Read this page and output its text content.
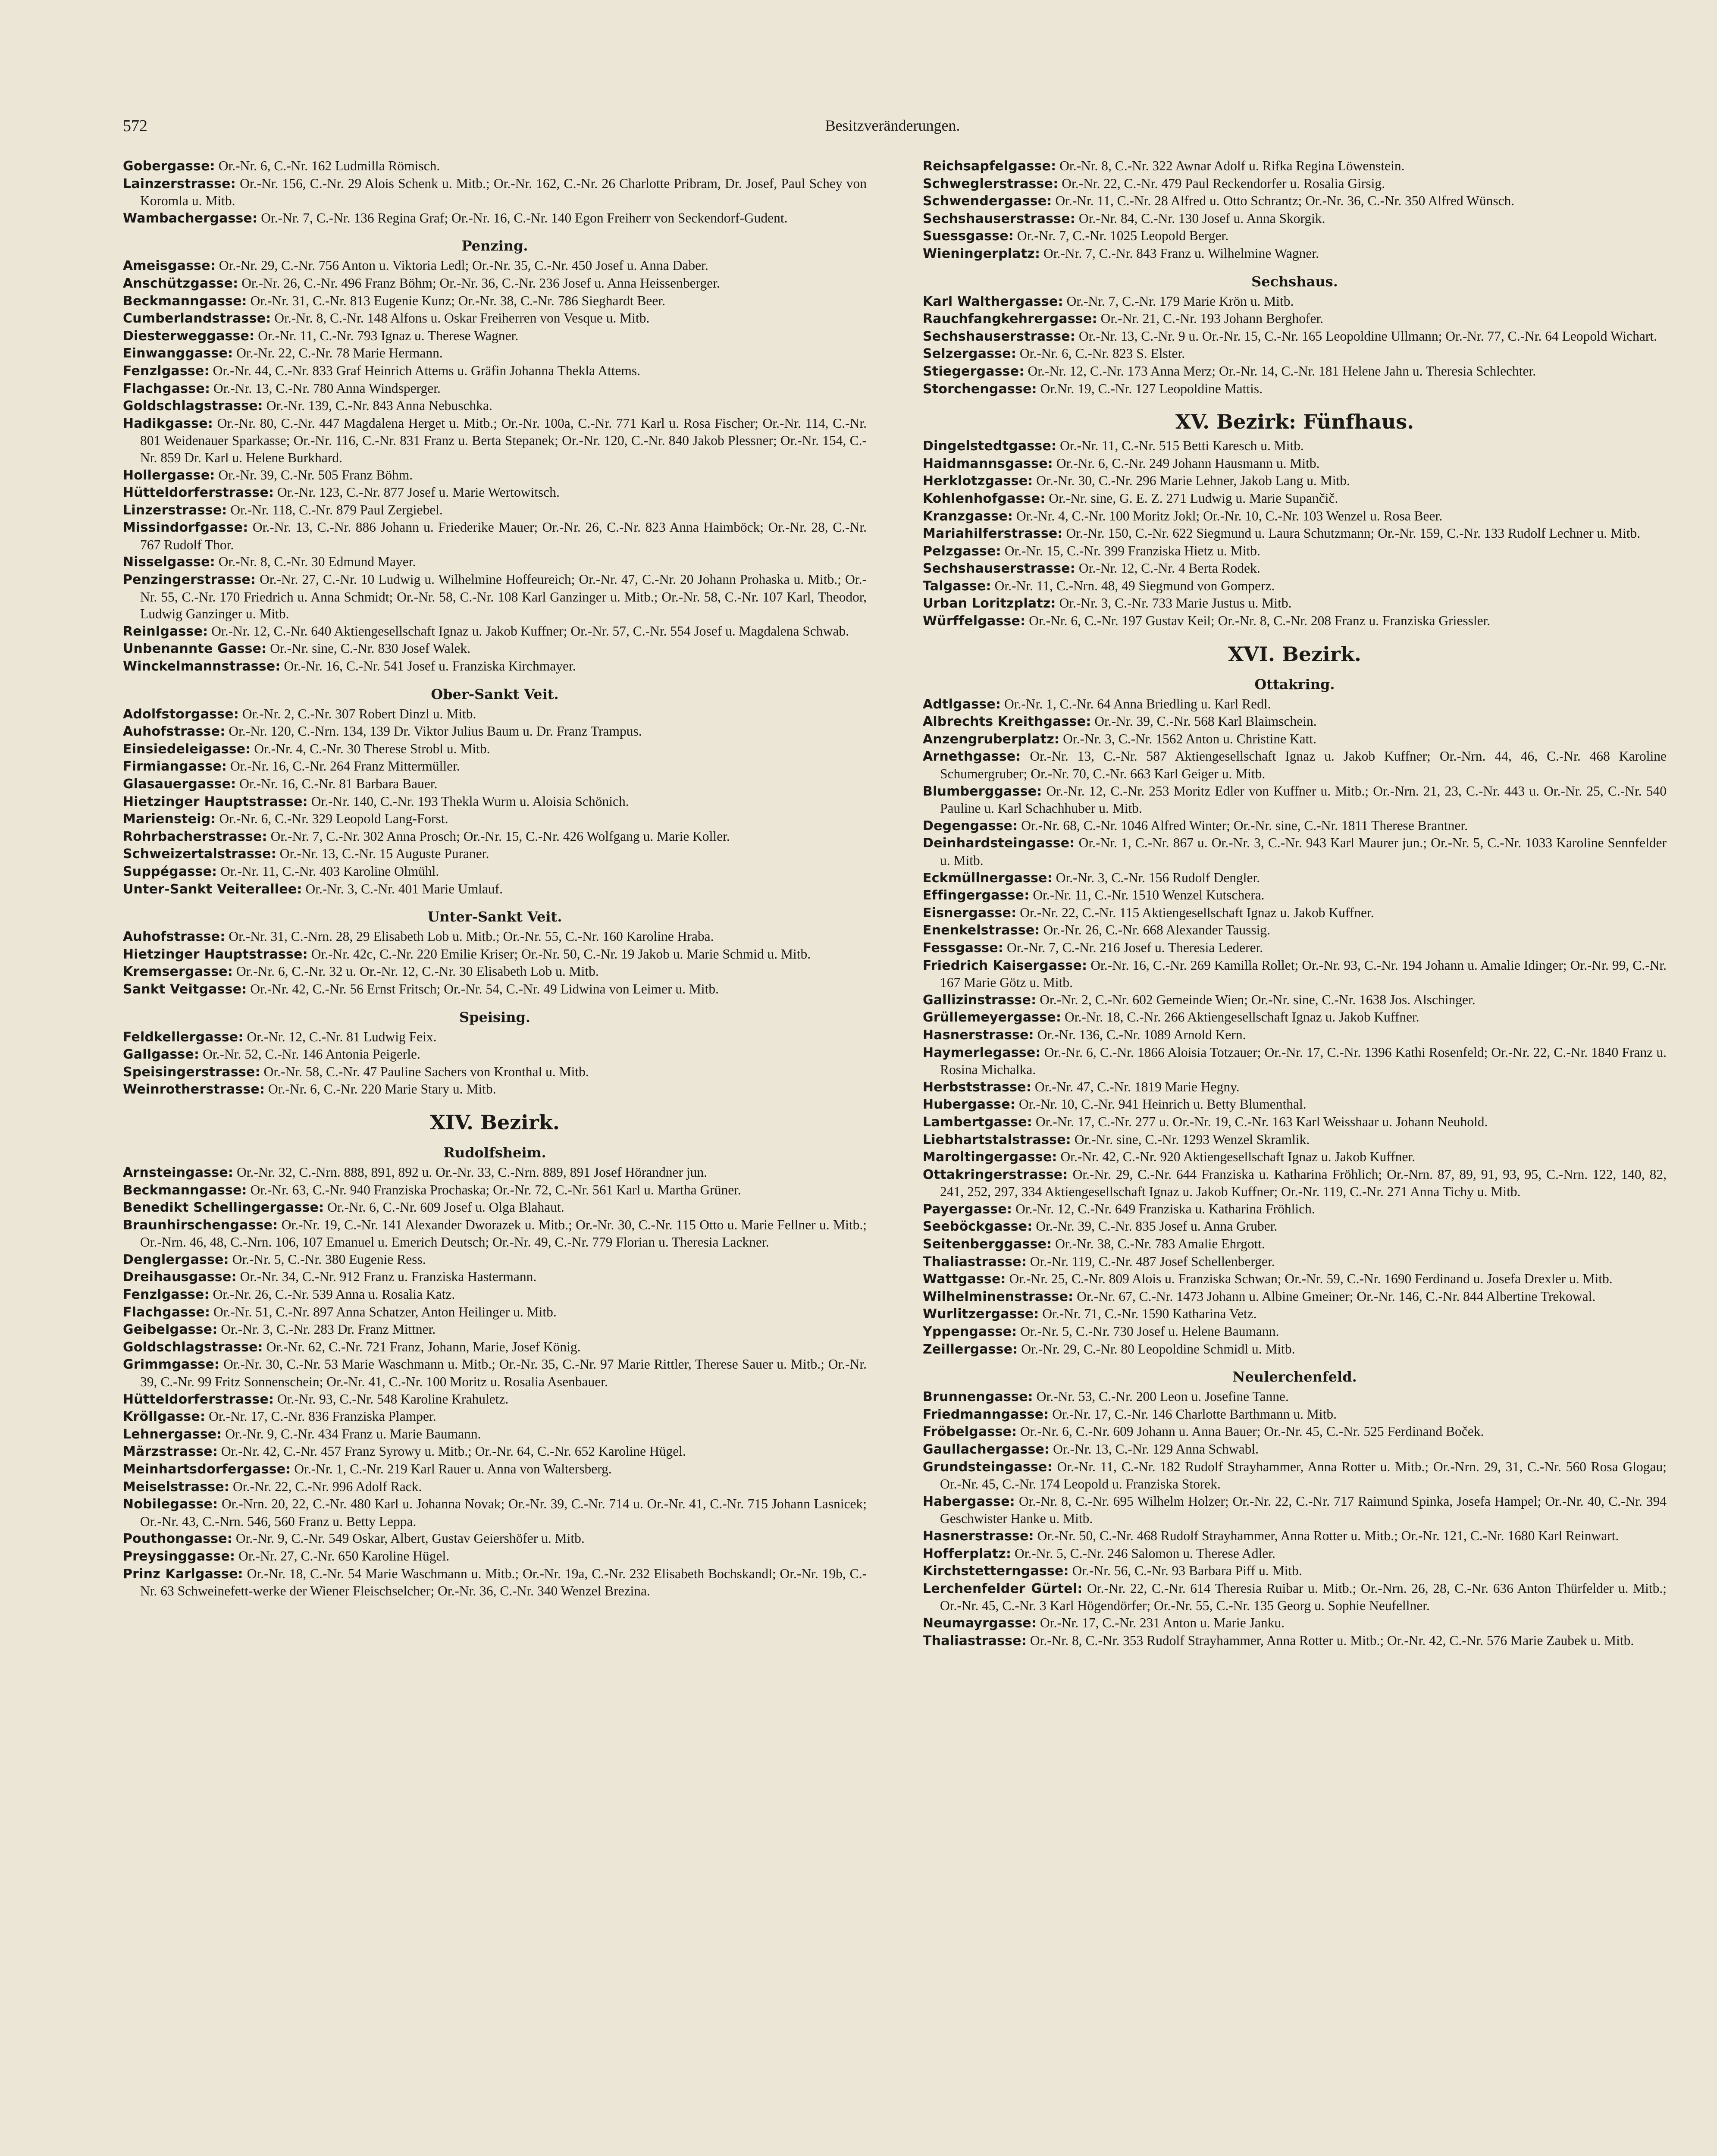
572	Besitzveränderungen.

Gobergasse: Or.-Nr. 6, C.-Nr. 162 Ludmilla Römisch.

Lainzerstrasse: Or.-Nr. 156, C.-Nr. 29 Alois Schenk u. Mitb.; Or.-Nr. 162, C.-Nr. 26 Charlotte Pribram, Dr. Josef, Paul Schey von Koromla u. Mitb.

Wambachergasse: Or.-Nr. 7, C.-Nr. 136 Regina Graf; Or.-Nr. 16, C.-Nr. 140 Egon Freiherr von Seckendorf-Gudent.

Penzing.

Ameisgasse: Or.-Nr. 29, C.-Nr. 756 Anton u. Viktoria Ledl; Or.-Nr. 35, C.-Nr. 450 Josef u. Anna Daber.

Anschützgasse: Or.-Nr. 26, C.-Nr. 496 Franz Böhm; Or.-Nr. 36, C.-Nr. 236 Josef u. Anna Heissenberger.

Beckmanngasse: Or.-Nr. 31, C.-Nr. 813 Eugenie Kunz; Or.-Nr. 38, C.-Nr. 786 Sieghardt Beer.

Cumberlandstrasse: Or.-Nr. 8, C.-Nr. 148 Alfons u. Oskar Freiherren von Vesque u. Mitb.

Diesterweggasse: Or.-Nr. 11, C.-Nr. 793 Ignaz u. Therese Wagner.

Einwanggasse: Or.-Nr. 22, C.-Nr. 78 Marie Hermann.

Fenzlgasse: Or.-Nr. 44, C.-Nr. 833 Graf Heinrich Attems u. Gräfin Johanna Thekla Attems.

Flachgasse: Or.-Nr. 13, C.-Nr. 780 Anna Windsperger.

Goldschlagstrasse: Or.-Nr. 139, C.-Nr. 843 Anna Nebuschka.

Hadikgasse: Or.-Nr. 80, C.-Nr. 447 Magdalena Herget u. Mitb.; Or.-Nr. 100a, C.-Nr. 771 Karl u. Rosa Fischer; Or.-Nr. 114, C.-Nr. 801 Weidenauer Sparkasse; Or.-Nr. 116, C.-Nr. 831 Franz u. Berta Stepanek; Or.-Nr. 120, C.-Nr. 840 Jakob Plessner; Or.-Nr. 154, C.-Nr. 859 Dr. Karl u. Helene Burkhard.

Hollergasse: Or.-Nr. 39, C.-Nr. 505 Franz Böhm.

Hütteldorferstrasse: Or.-Nr. 123, C.-Nr. 877 Josef u. Marie Wertowitsch.

Linzerstrasse: Or.-Nr. 118, C.-Nr. 879 Paul Zergiebel.

Missindorfgasse: Or.-Nr. 13, C.-Nr. 886 Johann u. Friederike Mauer; Or.-Nr. 26, C.-Nr. 823 Anna Haimböck; Or.-Nr. 28, C.-Nr. 767 Rudolf Thor.

Nisselgasse: Or.-Nr. 8, C.-Nr. 30 Edmund Mayer.

Penzingerstrasse: Or.-Nr. 27, C.-Nr. 10 Ludwig u. Wilhelmine Hoffeureich; Or.-Nr. 47, C.-Nr. 20 Johann Prohaska u. Mitb.; Or.-Nr. 55, C.-Nr. 170 Friedrich u. Anna Schmidt; Or.-Nr. 58, C.-Nr. 108 Karl Ganzinger u. Mitb.; Or.-Nr. 58, C.-Nr. 107 Karl, Theodor, Ludwig Ganzinger u. Mitb.

Reinlgasse: Or.-Nr. 12, C.-Nr. 640 Aktiengesellschaft Ignaz u. Jakob Kuffner; Or.-Nr. 57, C.-Nr. 554 Josef u. Magdalena Schwab.

Unbenannte Gasse: Or.-Nr. sine, C.-Nr. 830 Josef Walek.

Winckelmannstrasse: Or.-Nr. 16, C.-Nr. 541 Josef u. Franziska Kirchmayer.

Ober-Sankt Veit.

Adolfstorgasse: Or.-Nr. 2, C.-Nr. 307 Robert Dinzl u. Mitb.

Auhofstrasse: Or.-Nr. 120, C.-Nrn. 134, 139 Dr. Viktor Julius Baum u. Dr. Franz Trampus.

Einsiedeleigasse: Or.-Nr. 4, C.-Nr. 30 Therese Strobl u. Mitb.

Firmiangasse: Or.-Nr. 16, C.-Nr. 264 Franz Mittermüller.

Glasauergasse: Or.-Nr. 16, C.-Nr. 81 Barbara Bauer.

Hietzinger Hauptstrasse: Or.-Nr. 140, C.-Nr. 193 Thekla Wurm u. Aloisia Schönich.

Mariensteig: Or.-Nr. 6, C.-Nr. 329 Leopold Lang-Forst.

Rohrbacherstrasse: Or.-Nr. 7, C.-Nr. 302 Anna Prosch; Or.-Nr. 15, C.-Nr. 426 Wolfgang u. Marie Koller.

Schweizertalstrasse: Or.-Nr. 13, C.-Nr. 15 Auguste Puraner.

Suppégasse: Or.-Nr. 11, C.-Nr. 403 Karoline Olmühl.

Unter-Sankt Veiterallee: Or.-Nr. 3, C.-Nr. 401 Marie Umlauf.

Unter-Sankt Veit.

Auhofstrasse: Or.-Nr. 31, C.-Nrn. 28, 29 Elisabeth Lob u. Mitb.; Or.-Nr. 55, C.-Nr. 160 Karoline Hraba.

Hietzinger Hauptstrasse: Or.-Nr. 42c, C.-Nr. 220 Emilie Kriser; Or.-Nr. 50, C.-Nr. 19 Jakob u. Marie Schmid u. Mitb.

Kremsergasse: Or.-Nr. 6, C.-Nr. 32 u. Or.-Nr. 12, C.-Nr. 30 Elisabeth Lob u. Mitb.

Sankt Veitgasse: Or.-Nr. 42, C.-Nr. 56 Ernst Fritsch; Or.-Nr. 54, C.-Nr. 49 Lidwina von Leimer u. Mitb.

Speising.

Feldkellergasse: Or.-Nr. 12, C.-Nr. 81 Ludwig Feix.

Gallgasse: Or.-Nr. 52, C.-Nr. 146 Antonia Peigerle.

Speisingerstrasse: Or.-Nr. 58, C.-Nr. 47 Pauline Sachers von Kronthal u. Mitb.

Weinrotherstrasse: Or.-Nr. 6, C.-Nr. 220 Marie Stary u. Mitb.

XIV. Bezirk.
Rudolfsheim.

Arnsteingasse: Or.-Nr. 32, C.-Nrn. 888, 891, 892 u. Or.-Nr. 33, C.-Nrn. 889, 891 Josef Hörandner jun.

Beckmanngasse: Or.-Nr. 63, C.-Nr. 940 Franziska Prochaska; Or.-Nr. 72, C.-Nr. 561 Karl u. Martha Grüner.

Benedikt Schellingergasse: Or.-Nr. 6, C.-Nr. 609 Josef u. Olga Blahaut.

Braunhirschengasse: Or.-Nr. 19, C.-Nr. 141 Alexander Dworazek u. Mitb.; Or.-Nr. 30, C.-Nr. 115 Otto u. Marie Fellner u. Mitb.; Or.-Nrn. 46, 48, C.-Nrn. 106, 107 Emanuel u. Emerich Deutsch; Or.-Nr. 49, C.-Nr. 779 Florian u. Theresia Lackner.

Denglergasse: Or.-Nr. 5, C.-Nr. 380 Eugenie Ress.

Dreihausgasse: Or.-Nr. 34, C.-Nr. 912 Franz u. Franziska Hastermann.

Fenzlgasse: Or.-Nr. 26, C.-Nr. 539 Anna u. Rosalia Katz.

Flachgasse: Or.-Nr. 51, C.-Nr. 897 Anna Schatzer, Anton Heilinger u. Mitb.

Geibelgasse: Or.-Nr. 3, C.-Nr. 283 Dr. Franz Mittner.

Goldschlagstrasse: Or.-Nr. 62, C.-Nr. 721 Franz, Johann, Marie, Josef König.

Grimmgasse: Or.-Nr. 30, C.-Nr. 53 Marie Waschmann u. Mitb.; Or.-Nr. 35, C.-Nr. 97 Marie Rittler, Therese Sauer u. Mitb.; Or.-Nr. 39, C.-Nr. 99 Fritz Sonnenschein; Or.-Nr. 41, C.-Nr. 100 Moritz u. Rosalia Asenbauer.

Hütteldorferstrasse: Or.-Nr. 93, C.-Nr. 548 Karoline Krahuletz.

Kröllgasse: Or.-Nr. 17, C.-Nr. 836 Franziska Plamper.

Lehnergasse: Or.-Nr. 9, C.-Nr. 434 Franz u. Marie Baumann.

Märzstrasse: Or.-Nr. 42, C.-Nr. 457 Franz Syrowy u. Mitb.; Or.-Nr. 64, C.-Nr. 652 Karoline Hügel.

Meinhartsdorfergasse: Or.-Nr. 1, C.-Nr. 219 Karl Rauer u. Anna von Waltersberg.

Meiselstrasse: Or.-Nr. 22, C.-Nr. 996 Adolf Rack.

Nobilegasse: Or.-Nrn. 20, 22, C.-Nr. 480 Karl u. Johanna Novak; Or.-Nr. 39, C.-Nr. 714 u. Or.-Nr. 41, C.-Nr. 715 Johann Lasnicek; Or.-Nr. 43, C.-Nrn. 546, 560 Franz u. Betty Leppa.

Pouthongasse: Or.-Nr. 9, C.-Nr. 549 Oskar, Albert, Gustav Geiershöfer u. Mitb.

Preysinggasse: Or.-Nr. 27, C.-Nr. 650 Karoline Hügel.

Prinz Karlgasse: Or.-Nr. 18, C.-Nr. 54 Marie Waschmann u. Mitb.; Or.-Nr. 19a, C.-Nr. 232 Elisabeth Bochskandl; Or.-Nr. 19b, C.-Nr. 63 Schweinefett-werke der Wiener Fleischselcher; Or.-Nr. 36, C.-Nr. 340 Wenzel Brezina.

Reichsapfelgasse: Or.-Nr. 8, C.-Nr. 322 Awnar Adolf u. Rifka Regina Löwenstein.

Schweglerstrasse: Or.-Nr. 22, C.-Nr. 479 Paul Reckendorfer u. Rosalia Girsig.

Schwendergasse: Or.-Nr. 11, C.-Nr. 28 Alfred u. Otto Schrantz; Or.-Nr. 36, C.-Nr. 350 Alfred Wünsch.

Sechshauserstrasse: Or.-Nr. 84, C.-Nr. 130 Josef u. Anna Skorgik.

Suessgasse: Or.-Nr. 7, C.-Nr. 1025 Leopold Berger.

Wieningerplatz: Or.-Nr. 7, C.-Nr. 843 Franz u. Wilhelmine Wagner.

Sechshaus.

Karl Walthergasse: Or.-Nr. 7, C.-Nr. 179 Marie Krön u. Mitb.

Rauchfangkehrergasse: Or.-Nr. 21, C.-Nr. 193 Johann Berghofer.

Sechshauserstrasse: Or.-Nr. 13, C.-Nr. 9 u. Or.-Nr. 15, C.-Nr. 165 Leopoldine Ullmann; Or.-Nr. 77, C.-Nr. 64 Leopold Wichart.

Selzergasse: Or.-Nr. 6, C.-Nr. 823 S. Elster.

Stiegergasse: Or.-Nr. 12, C.-Nr. 173 Anna Merz; Or.-Nr. 14, C.-Nr. 181 Helene Jahn u. Theresia Schlechter.

Storchengasse: Or.Nr. 19, C.-Nr. 127 Leopoldine Mattis.

XV. Bezirk: Fünfhaus.

Dingelstedtgasse: Or.-Nr. 11, C.-Nr. 515 Betti Karesch u. Mitb.

Haidmannsgasse: Or.-Nr. 6, C.-Nr. 249 Johann Hausmann u. Mitb.

Herklotzgasse: Or.-Nr. 30, C.-Nr. 296 Marie Lehner, Jakob Lang u. Mitb.

Kohlenhofgasse: Or.-Nr. sine, G. E. Z. 271 Ludwig u. Marie Supančič.

Kranzgasse: Or.-Nr. 4, C.-Nr. 100 Moritz Jokl; Or.-Nr. 10, C.-Nr. 103 Wenzel u. Rosa Beer.

Mariahilferstrasse: Or.-Nr. 150, C.-Nr. 622 Siegmund u. Laura Schutzmann; Or.-Nr. 159, C.-Nr. 133 Rudolf Lechner u. Mitb.

Pelzgasse: Or.-Nr. 15, C.-Nr. 399 Franziska Hietz u. Mitb.

Sechshauserstrasse: Or.-Nr. 12, C.-Nr. 4 Berta Rodek.

Talgasse: Or.-Nr. 11, C.-Nrn. 48, 49 Siegmund von Gomperz.

Urban Loritzplatz: Or.-Nr. 3, C.-Nr. 733 Marie Justus u. Mitb.

Würffelgasse: Or.-Nr. 6, C.-Nr. 197 Gustav Keil; Or.-Nr. 8, C.-Nr. 208 Franz u. Franziska Griessler.

XVI. Bezirk.
Ottakring.

Adtlgasse: Or.-Nr. 1, C.-Nr. 64 Anna Briedling u. Karl Redl.

Albrechts Kreithgasse: Or.-Nr. 39, C.-Nr. 568 Karl Blaimschein.

Anzengruberplatz: Or.-Nr. 3, C.-Nr. 1562 Anton u. Christine Katt.

Arnethgasse: Or.-Nr. 13, C.-Nr. 587 Aktiengesellschaft Ignaz u. Jakob Kuffner; Or.-Nrn. 44, 46, C.-Nr. 468 Karoline Schumergruber; Or.-Nr. 70, C.-Nr. 663 Karl Geiger u. Mitb.

Blumberggasse: Or.-Nr. 12, C.-Nr. 253 Moritz Edler von Kuffner u. Mitb.; Or.-Nrn. 21, 23, C.-Nr. 443 u. Or.-Nr. 25, C.-Nr. 540 Pauline u. Karl Schachhuber u. Mitb.

Degengasse: Or.-Nr. 68, C.-Nr. 1046 Alfred Winter; Or.-Nr. sine, C.-Nr. 1811 Therese Brantner.

Deinhardsteingasse: Or.-Nr. 1, C.-Nr. 867 u. Or.-Nr. 3, C.-Nr. 943 Karl Maurer jun.; Or.-Nr. 5, C.-Nr. 1033 Karoline Sennfelder u. Mitb.

Eckmüllnergasse: Or.-Nr. 3, C.-Nr. 156 Rudolf Dengler.

Effingergasse: Or.-Nr. 11, C.-Nr. 1510 Wenzel Kutschera.

Eisnergasse: Or.-Nr. 22, C.-Nr. 115 Aktiengesellschaft Ignaz u. Jakob Kuffner.

Enenkelstrasse: Or.-Nr. 26, C.-Nr. 668 Alexander Taussig.

Fessgasse: Or.-Nr. 7, C.-Nr. 216 Josef u. Theresia Lederer.

Friedrich Kaisergasse: Or.-Nr. 16, C.-Nr. 269 Kamilla Rollet; Or.-Nr. 93, C.-Nr. 194 Johann u. Amalie Idinger; Or.-Nr. 99, C.-Nr. 167 Marie Götz u. Mitb.

Gallizinstrasse: Or.-Nr. 2, C.-Nr. 602 Gemeinde Wien; Or.-Nr. sine, C.-Nr. 1638 Jos. Alschinger.

Grüllemeyergasse: Or.-Nr. 18, C.-Nr. 266 Aktiengesellschaft Ignaz u. Jakob Kuffner.

Hasnerstrasse: Or.-Nr. 136, C.-Nr. 1089 Arnold Kern.

Haymerlegasse: Or.-Nr. 6, C.-Nr. 1866 Aloisia Totzauer; Or.-Nr. 17, C.-Nr. 1396 Kathi Rosenfeld; Or.-Nr. 22, C.-Nr. 1840 Franz u. Rosina Michalka.

Herbststrasse: Or.-Nr. 47, C.-Nr. 1819 Marie Hegny.

Hubergasse: Or.-Nr. 10, C.-Nr. 941 Heinrich u. Betty Blumenthal.

Lambertgasse: Or.-Nr. 17, C.-Nr. 277 u. Or.-Nr. 19, C.-Nr. 163 Karl Weisshaar u. Johann Neuhold.

Liebhartstalstrasse: Or.-Nr. sine, C.-Nr. 1293 Wenzel Skramlik.

Maroltingergasse: Or.-Nr. 42, C.-Nr. 920 Aktiengesellschaft Ignaz u. Jakob Kuffner.

Ottakringerstrasse: Or.-Nr. 29, C.-Nr. 644 Franziska u. Katharina Fröhlich; Or.-Nrn. 87, 89, 91, 93, 95, C.-Nrn. 122, 140, 82, 241, 252, 297, 334 Aktiengesellschaft Ignaz u. Jakob Kuffner; Or.-Nr. 119, C.-Nr. 271 Anna Tichy u. Mitb.

Payergasse: Or.-Nr. 12, C.-Nr. 649 Franziska u. Katharina Fröhlich.

Seeböckgasse: Or.-Nr. 39, C.-Nr. 835 Josef u. Anna Gruber.

Seitenberggasse: Or.-Nr. 38, C.-Nr. 783 Amalie Ehrgott.

Thaliastrasse: Or.-Nr. 119, C.-Nr. 487 Josef Schellenberger.

Wattgasse: Or.-Nr. 25, C.-Nr. 809 Alois u. Franziska Schwan; Or.-Nr. 59, C.-Nr. 1690 Ferdinand u. Josefa Drexler u. Mitb.

Wilhelminenstrasse: Or.-Nr. 67, C.-Nr. 1473 Johann u. Albine Gmeiner; Or.-Nr. 146, C.-Nr. 844 Albertine Trekowal.

Wurlitzergasse: Or.-Nr. 71, C.-Nr. 1590 Katharina Vetz.

Yppengasse: Or.-Nr. 5, C.-Nr. 730 Josef u. Helene Baumann.

Zeillergasse: Or.-Nr. 29, C.-Nr. 80 Leopoldine Schmidl u. Mitb.

Neulerchenfeld.

Brunnengasse: Or.-Nr. 53, C.-Nr. 200 Leon u. Josefine Tanne.

Friedmanngasse: Or.-Nr. 17, C.-Nr. 146 Charlotte Barthmann u. Mitb.

Fröbelgasse: Or.-Nr. 6, C.-Nr. 609 Johann u. Anna Bauer; Or.-Nr. 45, C.-Nr. 525 Ferdinand Boček.

Gaullachergasse: Or.-Nr. 13, C.-Nr. 129 Anna Schwabl.

Grundsteingasse: Or.-Nr. 11, C.-Nr. 182 Rudolf Strayhammer, Anna Rotter u. Mitb.; Or.-Nrn. 29, 31, C.-Nr. 560 Rosa Glogau; Or.-Nr. 45, C.-Nr. 174 Leopold u. Franziska Storek.

Habergasse: Or.-Nr. 8, C.-Nr. 695 Wilhelm Holzer; Or.-Nr. 22, C.-Nr. 717 Raimund Spinka, Josefa Hampel; Or.-Nr. 40, C.-Nr. 394 Geschwister Hanke u. Mitb.

Hasnerstrasse: Or.-Nr. 50, C.-Nr. 468 Rudolf Strayhammer, Anna Rotter u. Mitb.; Or.-Nr. 121, C.-Nr. 1680 Karl Reinwart.

Hofferplatz: Or.-Nr. 5, C.-Nr. 246 Salomon u. Therese Adler.

Kirchstetterngasse: Or.-Nr. 56, C.-Nr. 93 Barbara Piff u. Mitb.

Lerchenfelder Gürtel: Or.-Nr. 22, C.-Nr. 614 Theresia Ruibar u. Mitb.; Or.-Nrn. 26, 28, C.-Nr. 636 Anton Thürfelder u. Mitb.; Or.-Nr. 45, C.-Nr. 3 Karl Högendörfer; Or.-Nr. 55, C.-Nr. 135 Georg u. Sophie Neufellner.

Neumayrgasse: Or.-Nr. 17, C.-Nr. 231 Anton u. Marie Janku.

Thaliastrasse: Or.-Nr. 8, C.-Nr. 353 Rudolf Strayhammer, Anna Rotter u. Mitb.; Or.-Nr. 42, C.-Nr. 576 Marie Zaubek u. Mitb.
